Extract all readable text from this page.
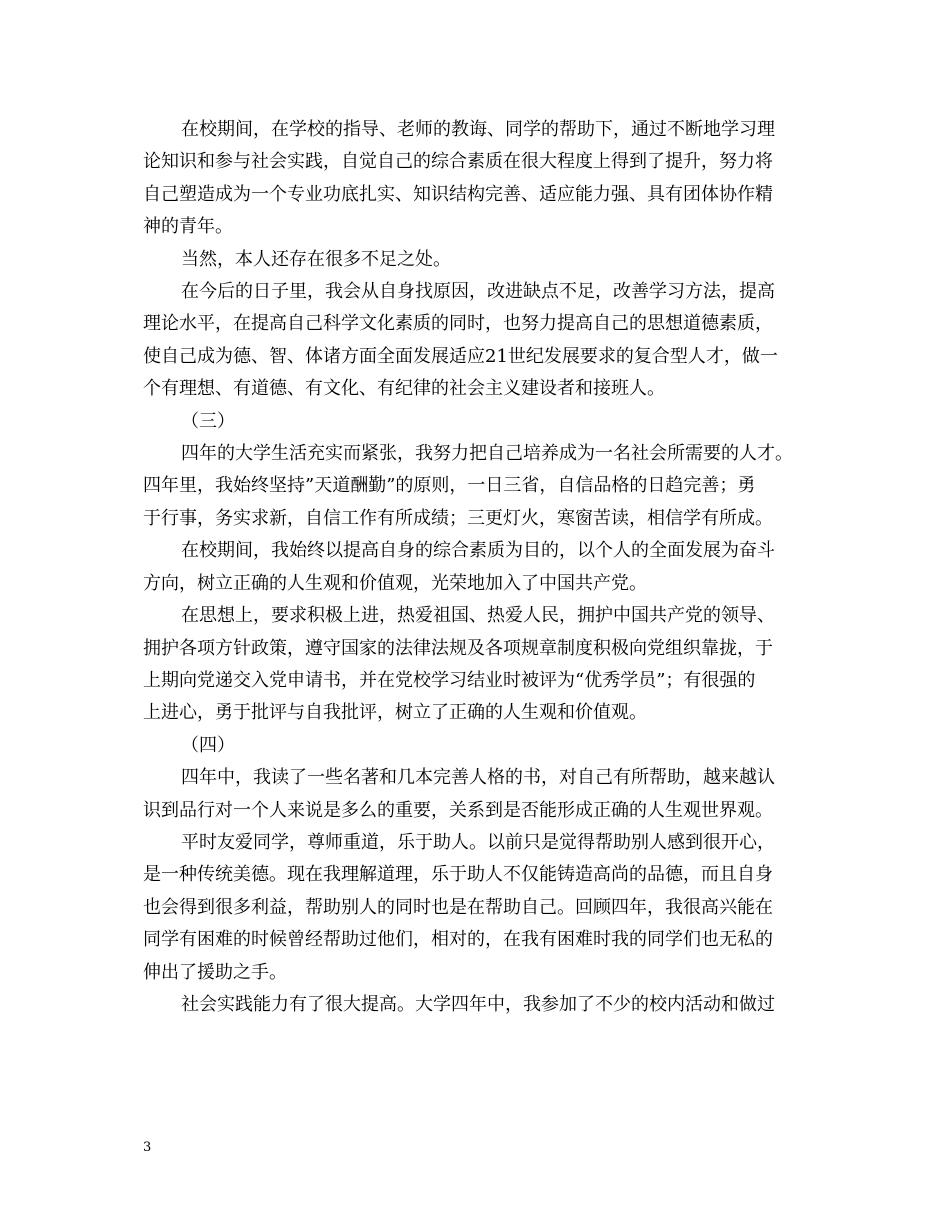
在校期间，在学校的指导、老师的教诲、同学的帮助下，通过不断地学习理
论知识和参与社会实践，自觉自己的综合素质在很大程度上得到了提升，努力将
自己塑造成为一个专业功底扎实、知识结构完善、适应能力强、具有团体协作精
神的青年。
当然，本人还存在很多不足之处。
在今后的日子里，我会从自身找原因，改进缺点不足，改善学习方法，提高
理论水平，在提高自己科学文化素质的同时，也努力提高自己的思想道德素质，
使自己成为德、智、体诸方面全面发展适应21世纪发展要求的复合型人才，做一
个有理想、有道德、有文化、有纪律的社会主义建设者和接班人。
（三）
四年的大学生活充实而紧张，我努力把自己培养成为一名社会所需要的人才。
四年里，我始终坚持”天道酬勤”的原则，一日三省，自信品格的日趋完善；勇
于行事，务实求新，自信工作有所成绩；三更灯火，寒窗苦读，相信学有所成。
在校期间，我始终以提高自身的综合素质为目的，以个人的全面发展为奋斗
方向，树立正确的人生观和价值观，光荣地加入了中国共产党。
在思想上，要求积极上进，热爱祖国、热爱人民，拥护中国共产党的领导、
拥护各项方针政策，遵守国家的法律法规及各项规章制度积极向党组织靠拢，于
上期向党递交入党申请书，并在党校学习结业时被评为“优秀学员”；有很强的
上进心，勇于批评与自我批评，树立了正确的人生观和价值观。
（四）
四年中，我读了一些名著和几本完善人格的书，对自己有所帮助，越来越认
识到品行对一个人来说是多么的重要，关系到是否能形成正确的人生观世界观。
平时友爱同学，尊师重道，乐于助人。以前只是觉得帮助别人感到很开心，
是一种传统美德。现在我理解道理，乐于助人不仅能铸造高尚的品德，而且自身
也会得到很多利益，帮助别人的同时也是在帮助自己。回顾四年，我很高兴能在
同学有困难的时候曾经帮助过他们，相对的，在我有困难时我的同学们也无私的
伸出了援助之手。
社会实践能力有了很大提高。大学四年中，我参加了不少的校内活动和做过
3
